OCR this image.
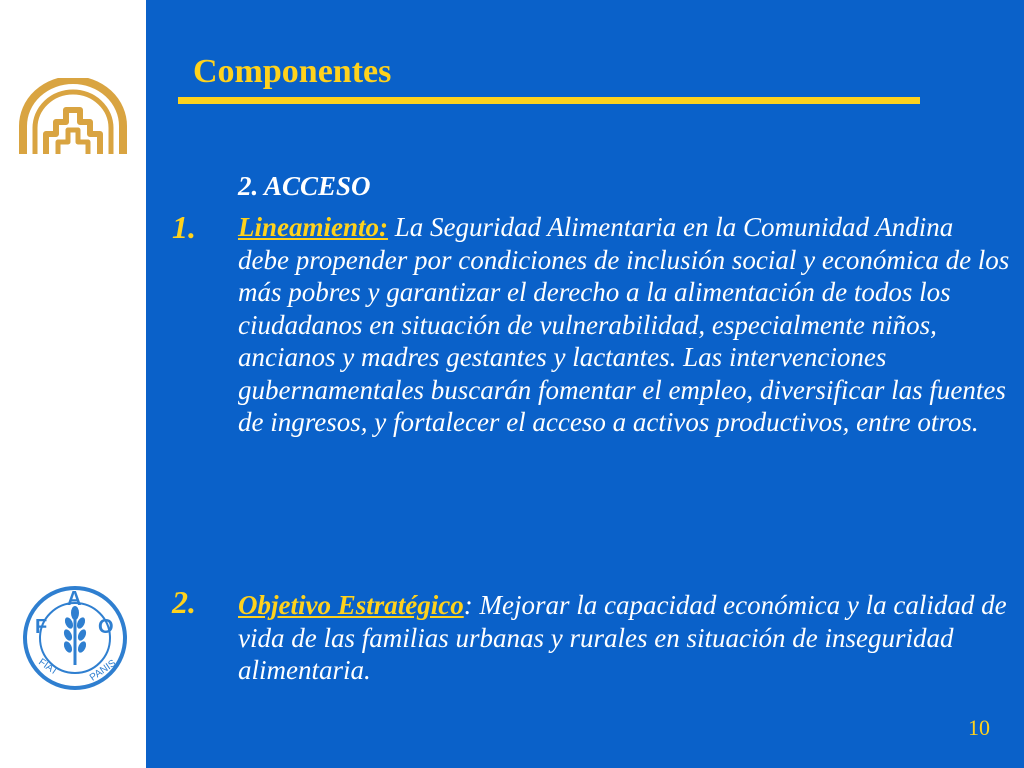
F
A
O
FIAT	PANIS
Componentes
2. ACCESO
1. Lineamiento: La Seguridad Alimentaria en la Comunidad Andina debe propender por condiciones de inclusión social y económica de los más pobres y garantizar el derecho a la alimentación de todos los ciudadanos en situación de vulnerabilidad, especialmente niños, ancianos y madres gestantes y lactantes. Las intervenciones gubernamentales buscarán fomentar el empleo, diversificar las fuentes de ingresos, y fortalecer el acceso a activos productivos, entre otros.
2. Objetivo Estratégico: Mejorar la capacidad económica y la calidad de vida de las familias urbanas y rurales en situación de inseguridad alimentaria.
10
